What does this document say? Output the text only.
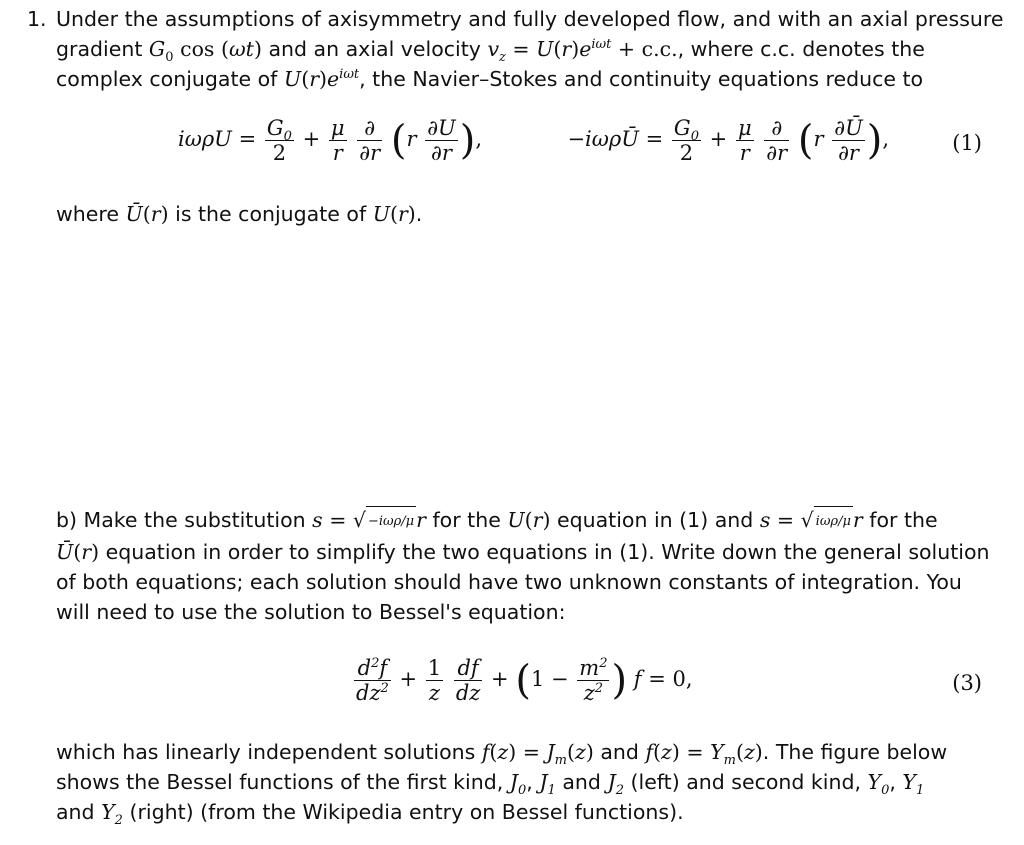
1. Under the assumptions of axisymmetry and fully developed flow, and with an axial pressure
gradient $G_0$ cos (ωt) and an axial velocity $v_z = U(r)e^{i\omega t} + c.c$., where c.c. denotes the
complex conjugate of $U(r)e^{i\omega t}$, the Navier–Stokes and continuity equations reduce to
$i\omega\rho U = \frac{G_0}{2} + \frac{\mu}{r}$
$\frac{\partial}{\partial r} (r \frac{\partial U}{\partial r}$ ),	−iωρŪ = $\frac{G_0}{2} + \frac{\mu}{r}$
$\frac{\partial}{\partial r} (r \frac{\partial Ū}{\partial r}$ ),	(1)
where Ū(r) is the conjugate of U(r).
b) Make the substitution s = √ −iωρ/μr for the U(r) equation in (1) and s = √ iωρ/μr for the
Ū(r) equation in order to simplify the two equations in (1). Write down the general solution
of both equations; each solution should have two unknown constants of integration. You
will need to use the solution to Bessel's equation:
$\frac{d^2f}{dz^2} + \frac{1}{z}$
$\frac{df}{dz} + (1 - \frac{m^2}{z^2}$ ) f = 0,	(3)
which has linearly independent solutions $f(z) = J_m(z)$ and $f(z) = Y_m(z)$. The figure below
shows the Bessel functions of the first kind, $J_0$, $J_1$ and $J_2$ (left) and second kind, $Y_0$, $Y_1$
and $Y_2$ (right) (from the Wikipedia entry on Bessel functions).
